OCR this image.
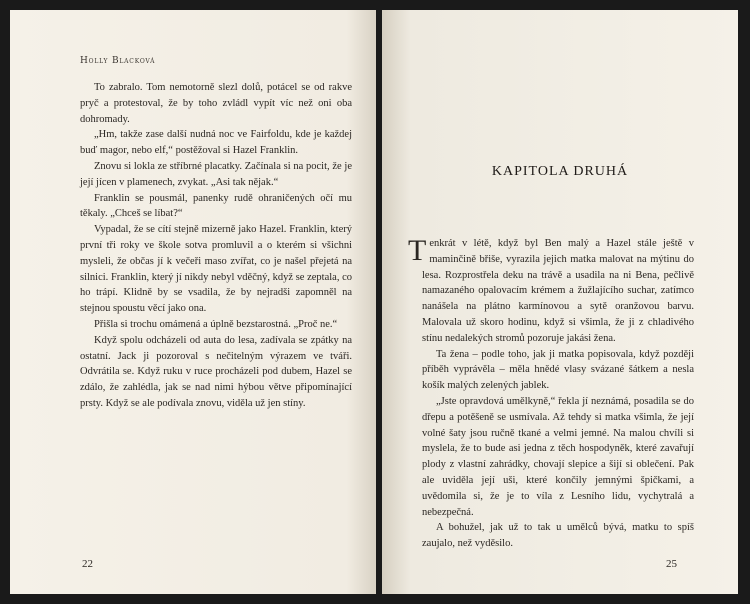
Holly Blacková

To zabralo. Tom nemotorně slezl dolů, potácel se od rakve pryč a protestoval, že by toho zvládl vypít víc než oni oba dohromady.

„Hm, takže zase další nudná noc ve Fairfoldu, kde je každej buď magor, nebo elf,“ postěžoval si Hazel Franklin.

Znovu si lokla ze stříbrné placatky. Začínala si na pocit, že je její jícen v plamenech, zvykat. „Asi tak nějak.“

Franklin se pousmál, panenky rudě ohraničených očí mu těkaly. „Chceš se líbat?“

Vypadal, že se cítí stejně mizerně jako Hazel. Franklin, který první tři roky ve škole sotva promluvil a o kterém si všichni mysleli, že občas jí k večeři maso zvířat, co je našel přejetá na silnici. Franklin, který jí nikdy nebyl vděčný, když se zeptala, co ho trápí. Klidně by se vsadila, že by nejradši zapomněl na stejnou spoustu věcí jako ona.

Přišla si trochu omámená a úplně bezstarostná. „Proč ne.“

Když spolu odcházeli od auta do lesa, zadívala se zpátky na ostatní. Jack ji pozoroval s nečitelným výrazem ve tváři. Odvrátila se. Když ruku v ruce procházeli pod dubem, Hazel se zdálo, že zahlédla, jak se nad nimi hýbou větve připomínající prsty. Když se ale podívala znovu, viděla už jen stíny.

22
KAPITOLA DRUHÁ

Tenkrát v létě, když byl Ben malý a Hazel stále ještě v maminčině břiše, vyrazila jejich matka malovat na mýtinu do lesa. Rozprostřela deku na trávě a usadila na ni Bena, pečlivě namazaného opalovacím krémem a žužlajícího suchar, zatímco nanášela na plátno karmínovou a sytě oranžovou barvu. Malovala už skoro hodinu, když si všimla, že ji z chladivého stínu nedalekých stromů pozoruje jakási žena.

Ta žena – podle toho, jak ji matka popisovala, když později příběh vyprávěla – měla hnědé vlasy svázané šátkem a nesla košík malých zelených jablek.

„Jste opravdová umělkyně,“ řekla jí neznámá, posadila se do dřepu a potěšeně se usmívala. Až tehdy si matka všimla, že její volné šaty jsou ručně tkané a velmi jemné. Na malou chvíli si myslela, že to bude asi jedna z těch hospodyněk, které zavařují plody z vlastní zahrádky, chovají slepice a šijí si oblečení. Pak ale uviděla její uši, které končily jemnými špičkami, a uvědomila si, že je to víla z Lesního lidu, vychytralá a nebezpečná.

A bohužel, jak už to tak u umělců bývá, matku to spíš zaujalo, než vyděsilo.

25
